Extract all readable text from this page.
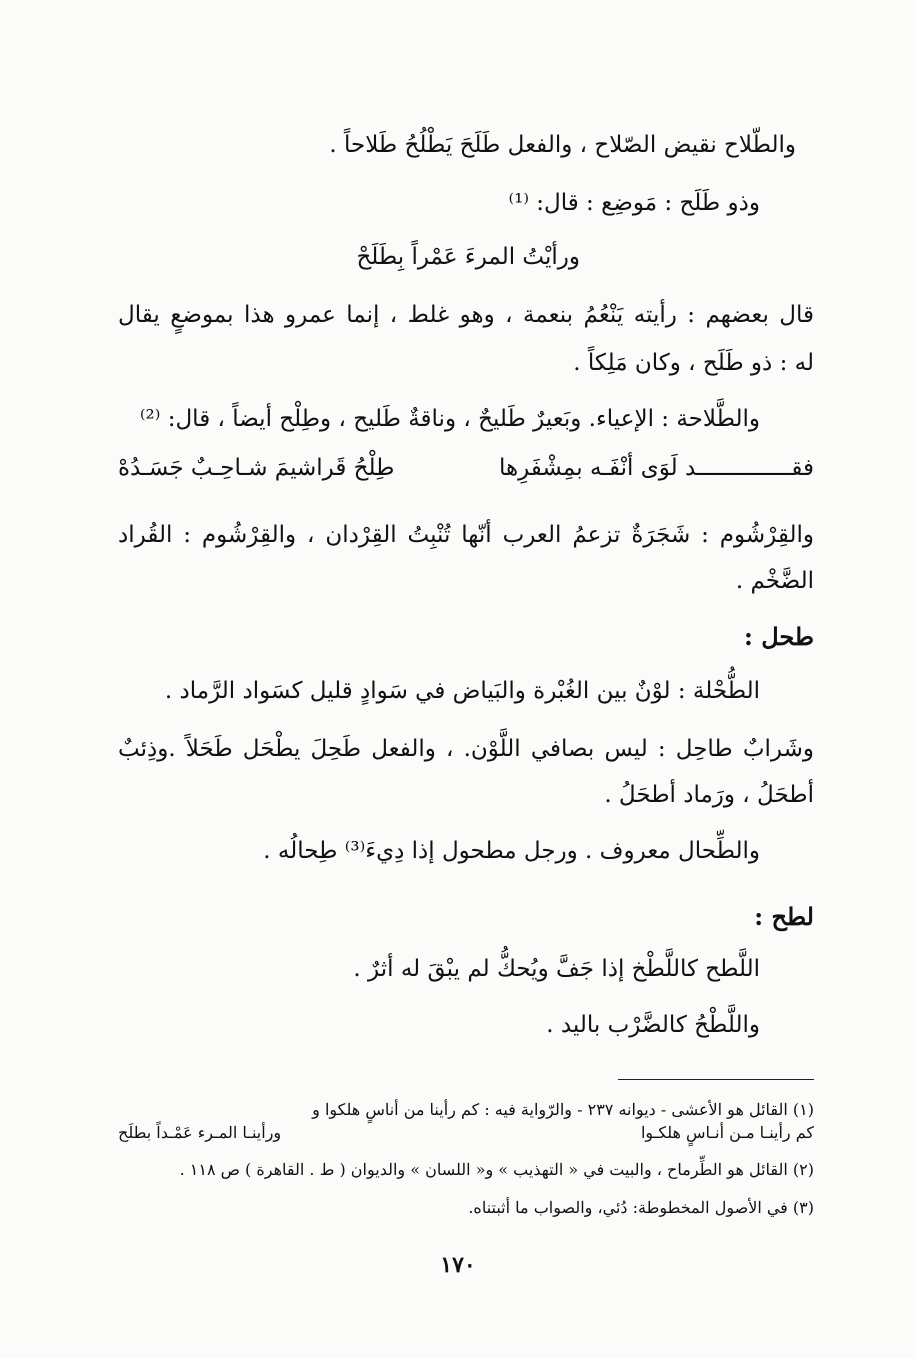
والطّلاح نقيض الصّلاح ، والفعل طَلَحَ يَطْلُحُ طَلاحاً .

وذو طَلَح : مَوضِع : قال: ⁽¹⁾

ورأيْتُ المرءَ عَمْراً بِطَلَحْ

قال بعضهم : رأيته يَنْعُمُ بنعمة ، وهو غلط ، إنما عمرو هذا بموضعٍ يقال

له : ذو طَلَح ، وكان مَلِكاً .

والطَّلاحة : الإعياء. وبَعيرٌ طَليحٌ ، وناقةٌ طَليح ، وطِلْح أيضاً ، قال: ⁽²⁾

فقــــــــــــــد لَوَى أنْفَـه بمِشْفَرِها
طِلْحُ قَراشيمَ شـاحِـبٌ جَسَـدُهْ

والقِرْشُوم : شَجَرَةٌ تزعمُ العرب أنّها تُنْبِتُ القِرْدان ، والقِرْشُوم : القُراد

الضَّخْم .

طحل :

الطُّحْلة : لوْنٌ بين الغُبْرة والبَياض في سَوادٍ قليل كسَواد الرَّماد .

وشَرابٌ طاحِل : ليس بصافي اللَّوْن. ، والفعل طَحِلَ يطْحَل طَحَلاً .وذِئبٌ

أطحَلُ ، ورَماد أطحَلُ .

والطِّحال معروف . ورجل مطحول إذا دِيءَ⁽³⁾ طِحالُه .

لطح :

اللَّطح كاللَّطْخ إذا جَفَّ ويُحكُّ لم يبْقَ له أثرٌ .

واللَّطْحُ كالضَّرْب باليد .

(١) القائل هو الأعشى - ديوانه ٢٣٧ - والرّواية فيه : كم رأينا من أناسٍ هلكوا و

كم رأينـا مـن أنـاسٍ هلكـوا
ورأينـا المـرء عَمْـداً بطلَح

(٢) القائل هو الطِّرماح ، والبيت في « التهذيب » و« اللسان » والديوان ( ط . القاهرة ) ص ١١٨ .

(٣) في الأصول المخطوطة: دُئي، والصواب ما أثبتناه.

١٧٠
